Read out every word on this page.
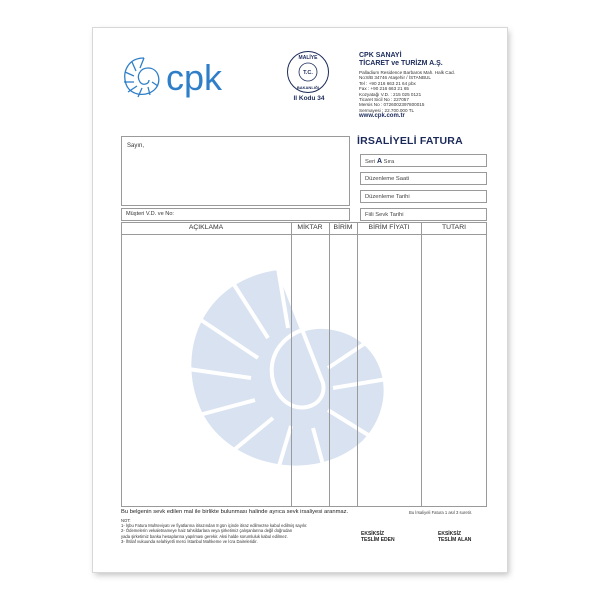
cpk	MALİYE
T.C.
BAKANLIĞI
Il Kodu 34
CPK SANAYİ
TİCARET ve TURİZM A.Ş.
Palladium Residence Barbaros Mah. Halk Cad.
No:8/B 34746 Ataşehir / İSTANBUL
Tel : +90 216 663 21 64 pbx
Fax : +90 216 663 21 65
Kozyatağı V.D. : 215 025 0121
Ticaret Sicil No : 227057
Mersis No : 0726002397800015
Sermayesi : 22.700.000 TL
www.cpk.com.tr
Sayın,
Müşteri V.D. ve No:
İRSALİYELİ FATURA
Seri A Sıra
Düzenleme Saati
Düzenleme Tarihi
Fiili Sevk Tarihi
AÇIKLAMA	MİKTAR	BİRİM	BİRİM FİYATI	TUTARI
Bu belgenin sevk edilen mal ile birlikte bulunması halinde ayrıca sevk irsaliyesi aranmaz.	Bu İrsaliyeli Fatura 1 asıl 3 suretir.
NOT:
1- İşbu Fatura Muhteviyatı ve fiyatlarına itirazından 8 gün içinde itiraz edilmezse kabul edilmiş sayılır.
2- Ödemelerin vekaletnameye haiz tahsildarlara veya şirketimiz çalışanlarına değil doğrudan
yada şirketimiz banka hesaplarına yapılması gerekir. Aksi halde sorumluluk kabul edilmez.
3- İhtilaf vukuunda selahiyetli merci İstanbul Mahkeme ve İcra Daireleridir.
EKSİKSİZ
TESLİM EDEN
EKSİKSİZ
TESLİM ALAN
